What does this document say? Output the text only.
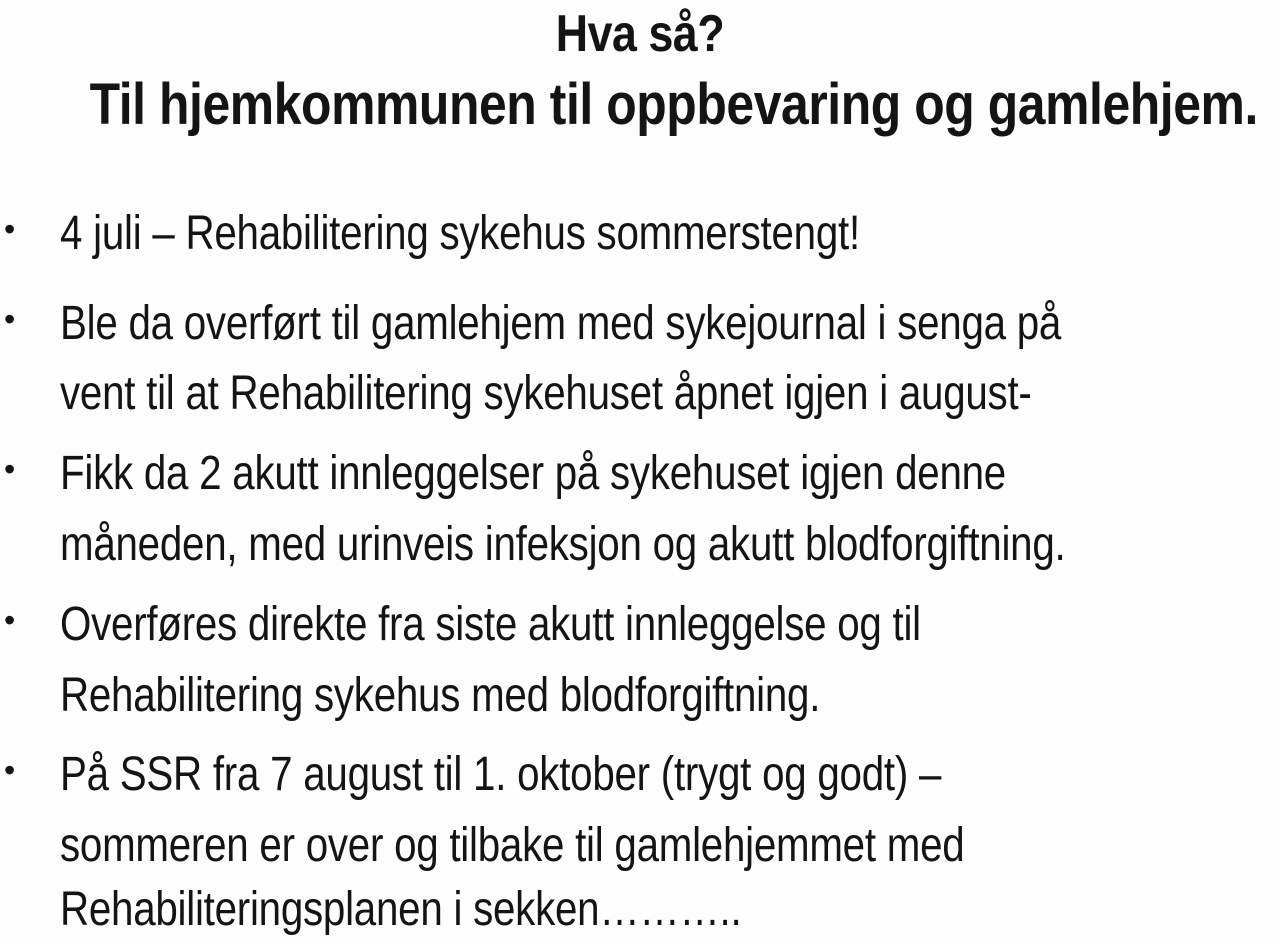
Hva så?
Til hjemkommunen til oppbevaring og gamlehjem.
• 4 juli – Rehabilitering sykehus sommerstengt!
• Ble da overført til gamlehjem med sykejournal i senga på
vent til at Rehabilitering sykehuset åpnet igjen i august-
• Fikk da 2 akutt innleggelser på sykehuset igjen denne
måneden, med urinveis infeksjon og akutt blodforgiftning.
• Overføres direkte fra siste akutt innleggelse og til
Rehabilitering sykehus med blodforgiftning.
• På SSR fra 7 august til 1. oktober (trygt og godt) –
sommeren er over og tilbake til gamlehjemmet med
Rehabiliteringsplanen i sekken………..
